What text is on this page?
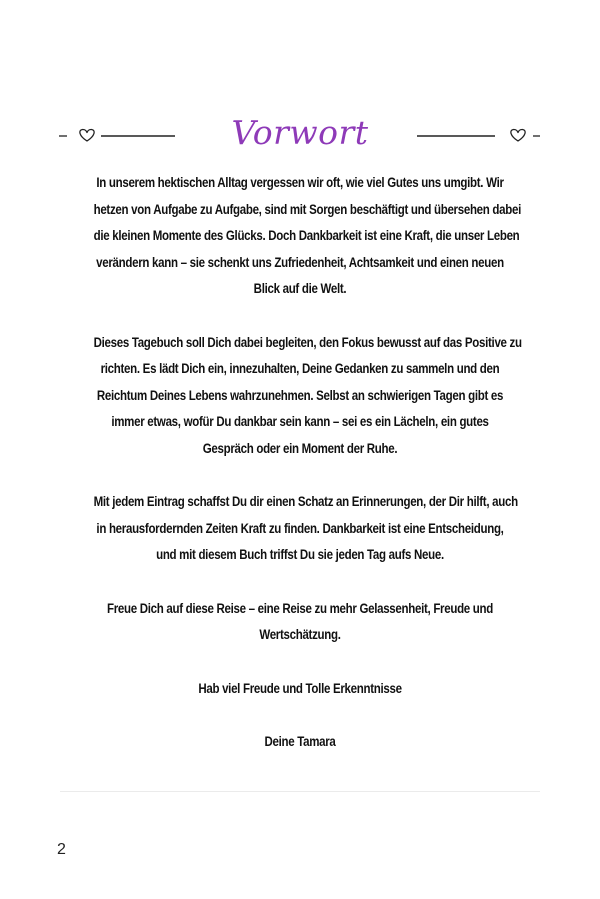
Vorwort

In unserem hektischen Alltag vergessen wir oft, wie viel Gutes uns umgibt. Wir
hetzen von Aufgabe zu Aufgabe, sind mit Sorgen beschäftigt und übersehen dabei
die kleinen Momente des Glücks. Doch Dankbarkeit ist eine Kraft, die unser Leben
verändern kann – sie schenkt uns Zufriedenheit, Achtsamkeit und einen neuen
Blick auf die Welt.

Dieses Tagebuch soll Dich dabei begleiten, den Fokus bewusst auf das Positive zu
richten. Es lädt Dich ein, innezuhalten, Deine Gedanken zu sammeln und den
Reichtum Deines Lebens wahrzunehmen. Selbst an schwierigen Tagen gibt es
immer etwas, wofür Du dankbar sein kann – sei es ein Lächeln, ein gutes
Gespräch oder ein Moment der Ruhe.

Mit jedem Eintrag schaffst Du dir einen Schatz an Erinnerungen, der Dir hilft, auch
in herausfordernden Zeiten Kraft zu finden. Dankbarkeit ist eine Entscheidung,
und mit diesem Buch triffst Du sie jeden Tag aufs Neue.

Freue Dich auf diese Reise – eine Reise zu mehr Gelassenheit, Freude und
Wertschätzung.

Hab viel Freude und Tolle Erkenntnisse

Deine Tamara

2
